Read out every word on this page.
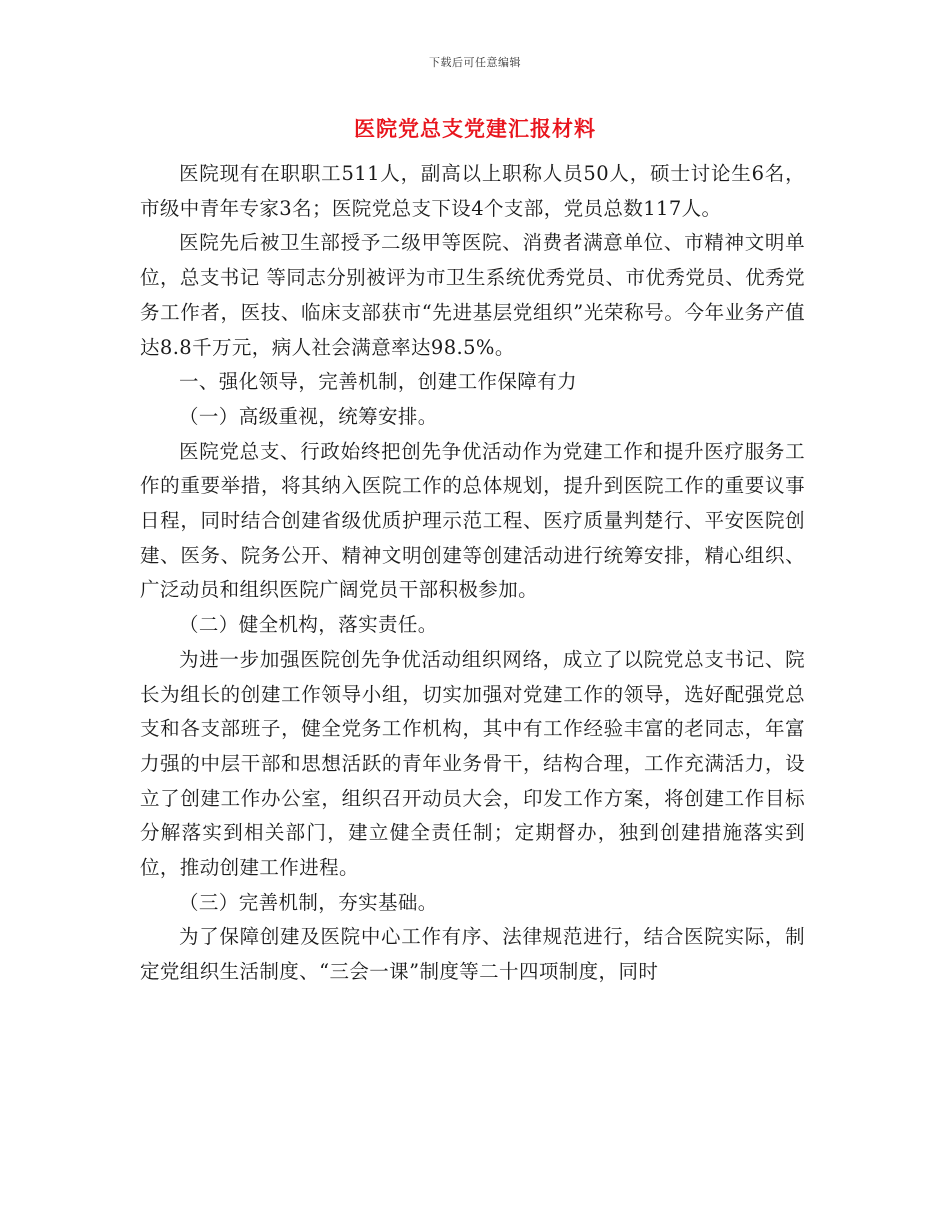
下载后可任意编辑
医院党总支党建汇报材料

医院现有在职职工511人，副高以上职称人员50人，硕士讨论生6名，市级中青年专家3名；医院党总支下设4个支部，党员总数117人。

医院先后被卫生部授予二级甲等医院、消费者满意单位、市精神文明单位，总支书记 等同志分别被评为市卫生系统优秀党员、市优秀党员、优秀党务工作者，医技、临床支部获市“先进基层党组织”光荣称号。今年业务产值达8.8千万元，病人社会满意率达98.5%。

一、强化领导，完善机制，创建工作保障有力

（一）高级重视，统筹安排。

医院党总支、行政始终把创先争优活动作为党建工作和提升医疗服务工作的重要举措，将其纳入医院工作的总体规划，提升到医院工作的重要议事日程，同时结合创建省级优质护理示范工程、医疗质量判楚行、平安医院创建、医务、院务公开、精神文明创建等创建活动进行统筹安排，精心组织、广泛动员和组织医院广阔党员干部积极参加。

（二）健全机构，落实责任。

为进一步加强医院创先争优活动组织网络，成立了以院党总支书记、院长为组长的创建工作领导小组，切实加强对党建工作的领导，选好配强党总支和各支部班子，健全党务工作机构，其中有工作经验丰富的老同志，年富力强的中层干部和思想活跃的青年业务骨干，结构合理，工作充满活力，设立了创建工作办公室，组织召开动员大会，印发工作方案，将创建工作目标分解落实到相关部门，建立健全责任制；定期督办，独到创建措施落实到位，推动创建工作进程。

（三）完善机制，夯实基础。

为了保障创建及医院中心工作有序、法律规范进行，结合医院实际，制定党组织生活制度、“三会一课”制度等二十四项制度，同时
